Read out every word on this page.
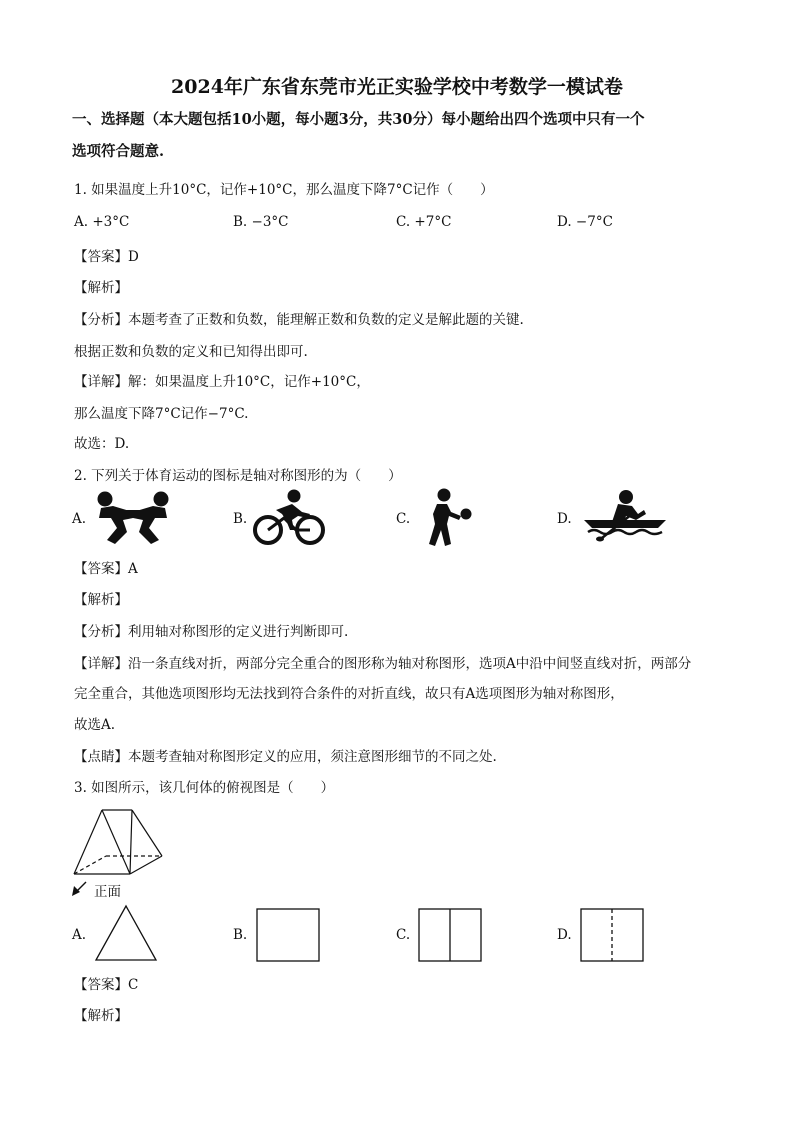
2024年广东省东莞市光正实验学校中考数学一模试卷
一、选择题（本大题包括10小题，每小题3分，共30分）每小题给出四个选项中只有一个
选项符合题意.
1. 如果温度上升10°C，记作+10°C，那么温度下降7°C记作（　　）
A. +3°C	B. −3°C	C. +7°C	D. −7°C
【答案】D
【解析】
【分析】本题考查了正数和负数，能理解正数和负数的定义是解此题的关键.
根据正数和负数的定义和已知得出即可.
【详解】解：如果温度上升10°C，记作+10°C，
那么温度下降7°C记作−7°C.
故选：D.
2. 下列关于体育运动的图标是轴对称图形的为（　　）
A.	B.	C.	D.
【答案】A
【解析】
【分析】利用轴对称图形的定义进行判断即可.
【详解】沿一条直线对折，两部分完全重合的图形称为轴对称图形，选项A中沿中间竖直线对折，两部分
完全重合，其他选项图形均无法找到符合条件的对折直线，故只有A选项图形为轴对称图形，
故选A.
【点睛】本题考查轴对称图形定义的应用，须注意图形细节的不同之处.
3. 如图所示，该几何体的俯视图是（　　）
正面
A.	B.	C.	D.
【答案】C
【解析】
